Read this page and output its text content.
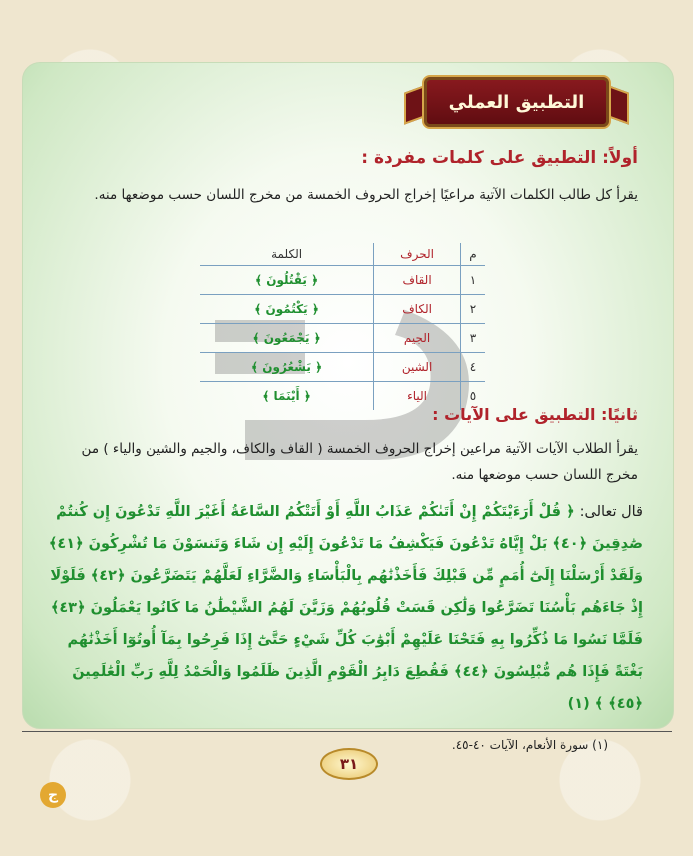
التطبيق العملي
أولاً: التطبيق على كلمات مفردة :
يقرأ كل طالب الكلمات الآتية مراعيًا إخراج الحروف الخمسة من مخرج اللسان حسب موضعها منه.
م	الحرف	الكلمة
١	القاف	﴿ يَقْتُلُونَ ﴾
٢	الكاف	﴿ يَكْتُمُونَ ﴾
٣	الجيم	﴿ يَجْمَعُونَ ﴾
٤	الشين	﴿ يَشْعُرُونَ ﴾
٥	الياء	﴿ أَيْنَمَا ﴾
ثانيًا: التطبيق على الآيات :
يقرأ الطلاب الآيات الآتية مراعين إخراج الحروف الخمسة ( القاف والكاف، والجيم والشين والياء ) من مخرج اللسان حسب موضعها منه.
قال تعالى: ﴿ قُلْ أَرَءَيْتَكُمْ إِنْ أَتَىٰكُمْ عَذَابُ اللَّهِ أَوْ أَتَتْكُمُ السَّاعَةُ أَغَيْرَ اللَّهِ تَدْعُونَ إِن كُنتُمْ صَٰدِقِينَ ﴿٤٠﴾ بَلْ إِيَّاهُ تَدْعُونَ فَيَكْشِفُ مَا تَدْعُونَ إِلَيْهِ إِن شَاءَ وَتَنسَوْنَ مَا تُشْرِكُونَ ﴿٤١﴾ وَلَقَدْ أَرْسَلْنَا إِلَىٰٓ أُمَمٍ مِّن قَبْلِكَ فَأَخَذْنَٰهُم بِالْبَأْسَاءِ وَالضَّرَّاءِ لَعَلَّهُمْ يَتَضَرَّعُونَ ﴿٤٢﴾ فَلَوْلَا إِذْ جَاءَهُم بَأْسُنَا تَضَرَّعُوا وَلَٰكِن قَسَتْ قُلُوبُهُمْ وَزَيَّنَ لَهُمُ الشَّيْطَٰنُ مَا كَانُوا يَعْمَلُونَ ﴿٤٣﴾ فَلَمَّا نَسُوا مَا ذُكِّرُوا بِهِ فَتَحْنَا عَلَيْهِمْ أَبْوَٰبَ كُلِّ شَيْءٍ حَتَّىٰٓ إِذَا فَرِحُوا بِمَآ أُوتُوٓا أَخَذْنَٰهُم بَغْتَةً فَإِذَا هُم مُّبْلِسُونَ ﴿٤٤﴾ فَقُطِعَ دَابِرُ الْقَوْمِ الَّذِينَ ظَلَمُوا وَالْحَمْدُ لِلَّهِ رَبِّ الْعَٰلَمِينَ ﴿٤٥﴾ ﴾ (١)
(١) سورة الأنعام، الآيات ٤٠-٤٥.
٣١
ج
